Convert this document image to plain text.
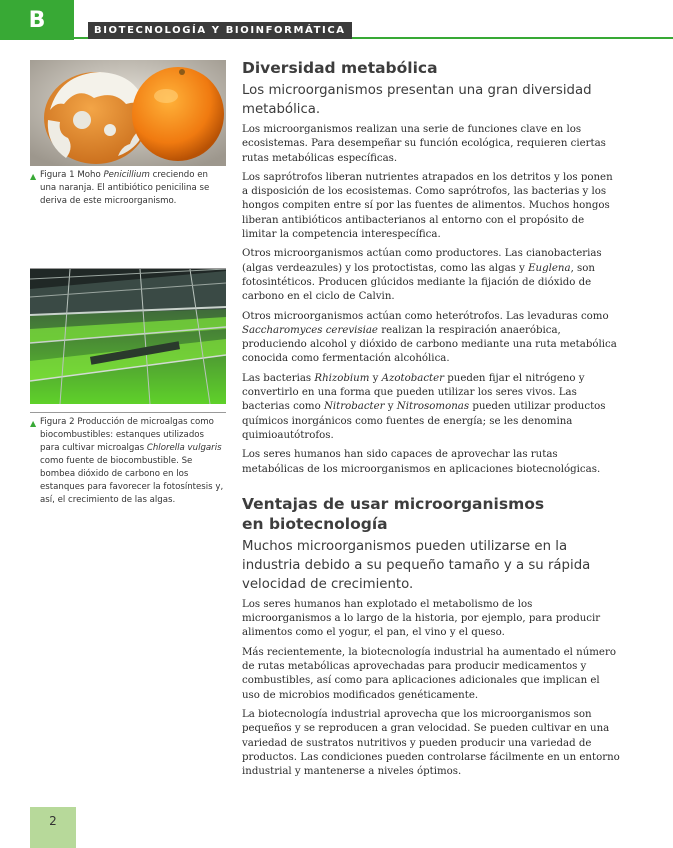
B	BIOTECNOLOGÍA Y BIOINFORMÁTICA
▲ Figura 1 Moho Penicillium creciendo en una naranja. El antibiótico penicilina se deriva de este microorganismo.
▲ Figura 2 Producción de microalgas como biocombustibles: estanques utilizados para cultivar microalgas Chlorella vulgaris como fuente de biocombustible. Se bombea dióxido de carbono en los estanques para favorecer la fotosíntesis y, así, el crecimiento de las algas.
Diversidad metabólica
Los microorganismos presentan una gran diversidad metabólica.

Los microorganismos realizan una serie de funciones clave en los ecosistemas. Para desempeñar su función ecológica, requieren ciertas rutas metabólicas específicas.

Los saprótrofos liberan nutrientes atrapados en los detritos y los ponen a disposición de los ecosistemas. Como saprótrofos, las bacterias y los hongos compiten entre sí por las fuentes de alimentos. Muchos hongos liberan antibióticos antibacterianos al entorno con el propósito de limitar la competencia interespecífica.

Otros microorganismos actúan como productores. Las cianobacterias (algas verdeazules) y los protoctistas, como las algas y Euglena, son fotosintéticos. Producen glúcidos mediante la fijación de dióxido de carbono en el ciclo de Calvin.

Otros microorganismos actúan como heterótrofos. Las levaduras como Saccharomyces cerevisiae realizan la respiración anaeróbica, produciendo alcohol y dióxido de carbono mediante una ruta metabólica conocida como fermentación alcohólica.

Las bacterias Rhizobium y Azotobacter pueden fijar el nitrógeno y convertirlo en una forma que pueden utilizar los seres vivos. Las bacterias como Nitrobacter y Nitrosomonas pueden utilizar productos químicos inorgánicos como fuentes de energía; se les denomina quimioautótrofos.

Los seres humanos han sido capaces de aprovechar las rutas metabólicas de los microorganismos en aplicaciones biotecnológicas.

Ventajas de usar microorganismos
en biotecnología
Muchos microorganismos pueden utilizarse en la industria debido a su pequeño tamaño y a su rápida velocidad de crecimiento.

Los seres humanos han explotado el metabolismo de los microorganismos a lo largo de la historia, por ejemplo, para producir alimentos como el yogur, el pan, el vino y el queso.

Más recientemente, la biotecnología industrial ha aumentado el número de rutas metabólicas aprovechadas para producir medicamentos y combustibles, así como para aplicaciones adicionales que implican el uso de microbios modificados genéticamente.

La biotecnología industrial aprovecha que los microorganismos son pequeños y se reproducen a gran velocidad. Se pueden cultivar en una variedad de sustratos nutritivos y pueden producir una variedad de productos. Las condiciones pueden controlarse fácilmente en un entorno industrial y mantenerse a niveles óptimos.

2
